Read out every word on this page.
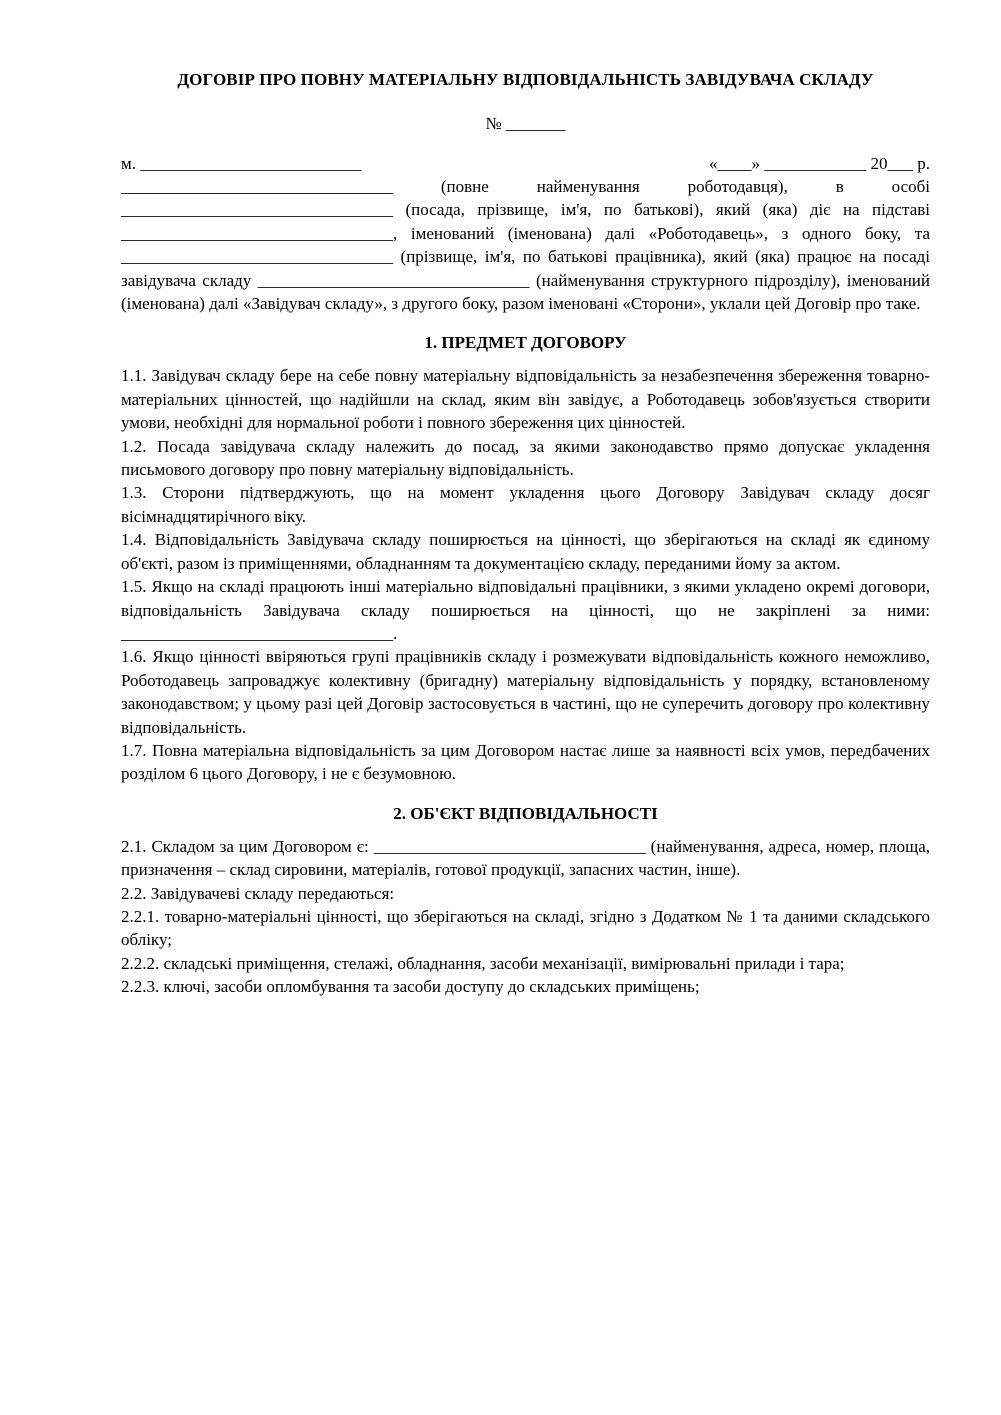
ДОГОВІР ПРО ПОВНУ МАТЕРІАЛЬНУ ВІДПОВІДАЛЬНІСТЬ ЗАВІДУВАЧА СКЛАДУ
№ _______
м. __________________________	«____» ____________ 20___ р.

________________________________ (повне найменування роботодавця), в особі ________________________________ (посада, прізвище, ім'я, по батькові), який (яка) діє на підставі ________________________________, іменований (іменована) далі «Роботодавець», з одного боку, та ________________________________ (прізвище, ім'я, по батькові працівника), який (яка) працює на посаді завідувача складу ________________________________ (найменування структурного підрозділу), іменований (іменована) далі «Завідувач складу», з другого боку, разом іменовані «Сторони», уклали цей Договір про таке.

1. ПРЕДМЕТ ДОГОВОРУ

1.1. Завідувач складу бере на себе повну матеріальну відповідальність за незабезпечення збереження товарно-матеріальних цінностей, що надійшли на склад, яким він завідує, а Роботодавець зобов'язується створити умови, необхідні для нормальної роботи і повного збереження цих цінностей.

1.2. Посада завідувача складу належить до посад, за якими законодавство прямо допускає укладення письмового договору про повну матеріальну відповідальність.

1.3. Сторони підтверджують, що на момент укладення цього Договору Завідувач складу досяг вісімнадцятирічного віку.

1.4. Відповідальність Завідувача складу поширюється на цінності, що зберігаються на складі як єдиному об'єкті, разом із приміщеннями, обладнанням та документацією складу, переданими йому за актом.

1.5. Якщо на складі працюють інші матеріально відповідальні працівники, з якими укладено окремі договори, відповідальність Завідувача складу поширюється на цінності, що не закріплені за ними: ________________________________.

1.6. Якщо цінності ввіряються групі працівників складу і розмежувати відповідальність кожного неможливо, Роботодавець запроваджує колективну (бригадну) матеріальну відповідальність у порядку, встановленому законодавством; у цьому разі цей Договір застосовується в частині, що не суперечить договору про колективну відповідальність.

1.7. Повна матеріальна відповідальність за цим Договором настає лише за наявності всіх умов, передбачених розділом 6 цього Договору, і не є безумовною.

2. ОБ'ЄКТ ВІДПОВІДАЛЬНОСТІ

2.1. Складом за цим Договором є: ________________________________ (найменування, адреса, номер, площа, призначення – склад сировини, матеріалів, готової продукції, запасних частин, інше).

2.2. Завідувачеві складу передаються:

2.2.1. товарно-матеріальні цінності, що зберігаються на складі, згідно з Додатком № 1 та даними складського обліку;

2.2.2. складські приміщення, стелажі, обладнання, засоби механізації, вимірювальні прилади і тара;

2.2.3. ключі, засоби опломбування та засоби доступу до складських приміщень;
